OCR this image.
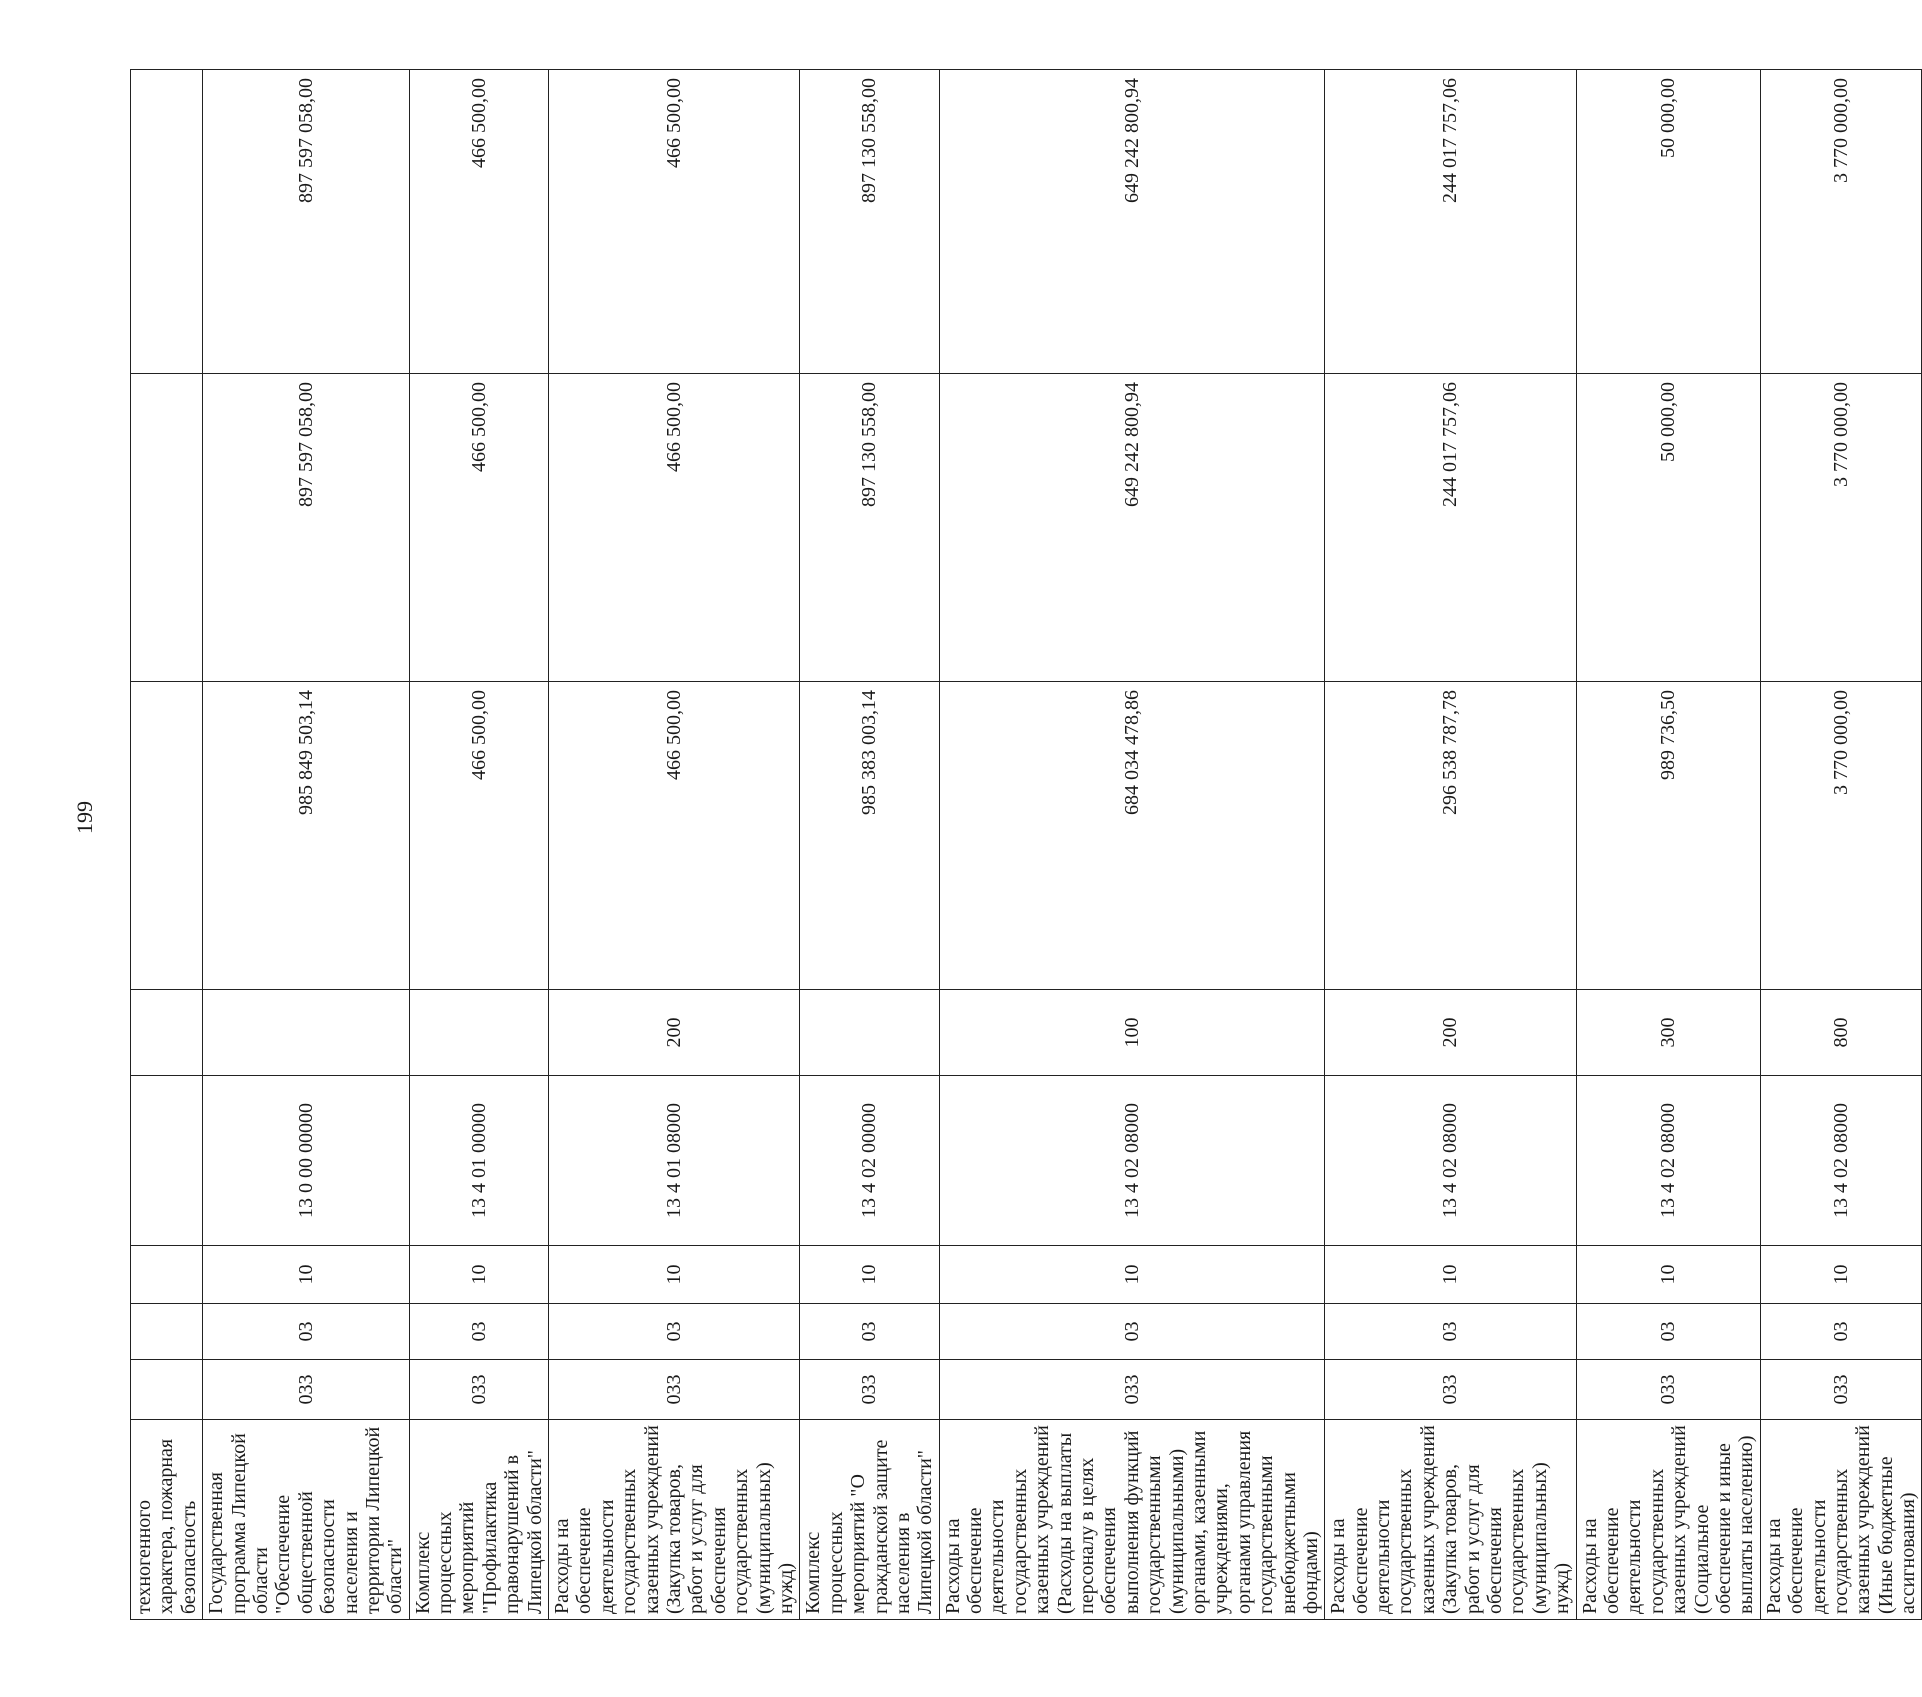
199
техногенного характера, пожарная безопасность								
Государственная программа Липецкой области "Обеспечение общественной безопасности населения и территории Липецкой области"	033	03	10	13 0 00 00000		985 849 503,14	897 597 058,00	897 597 058,00
Комплекс процессных мероприятий "Профилактика правонарушений в Липецкой области"	033	03	10	13 4 01 00000		466 500,00	466 500,00	466 500,00
Расходы на обеспечение деятельности государственных казенных учреждений (Закупка товаров, работ и услуг для обеспечения государственных (муниципальных) нужд)	033	03	10	13 4 01 08000	200	466 500,00	466 500,00	466 500,00
Комплекс процессных мероприятий "О гражданской защите населения в Липецкой области"	033	03	10	13 4 02 00000		985 383 003,14	897 130 558,00	897 130 558,00
Расходы на обеспечение деятельности государственных казенных учреждений (Расходы на выплаты персоналу в целях обеспечения выполнения функций государственными (муниципальными) органами, казенными учреждениями, органами управления государственными внебюджетными фондами)	033	03	10	13 4 02 08000	100	684 034 478,86	649 242 800,94	649 242 800,94
Расходы на обеспечение деятельности государственных казенных учреждений (Закупка товаров, работ и услуг для обеспечения государственных (муниципальных) нужд)	033	03	10	13 4 02 08000	200	296 538 787,78	244 017 757,06	244 017 757,06
Расходы на обеспечение деятельности государственных казенных учреждений (Социальное обеспечение и иные выплаты населению)	033	03	10	13 4 02 08000	300	989 736,50	50 000,00	50 000,00
Расходы на обеспечение деятельности государственных казенных учреждений (Иные бюджетные ассигнования)	033	03	10	13 4 02 08000	800	3 770 000,00	3 770 000,00	3 770 000,00
